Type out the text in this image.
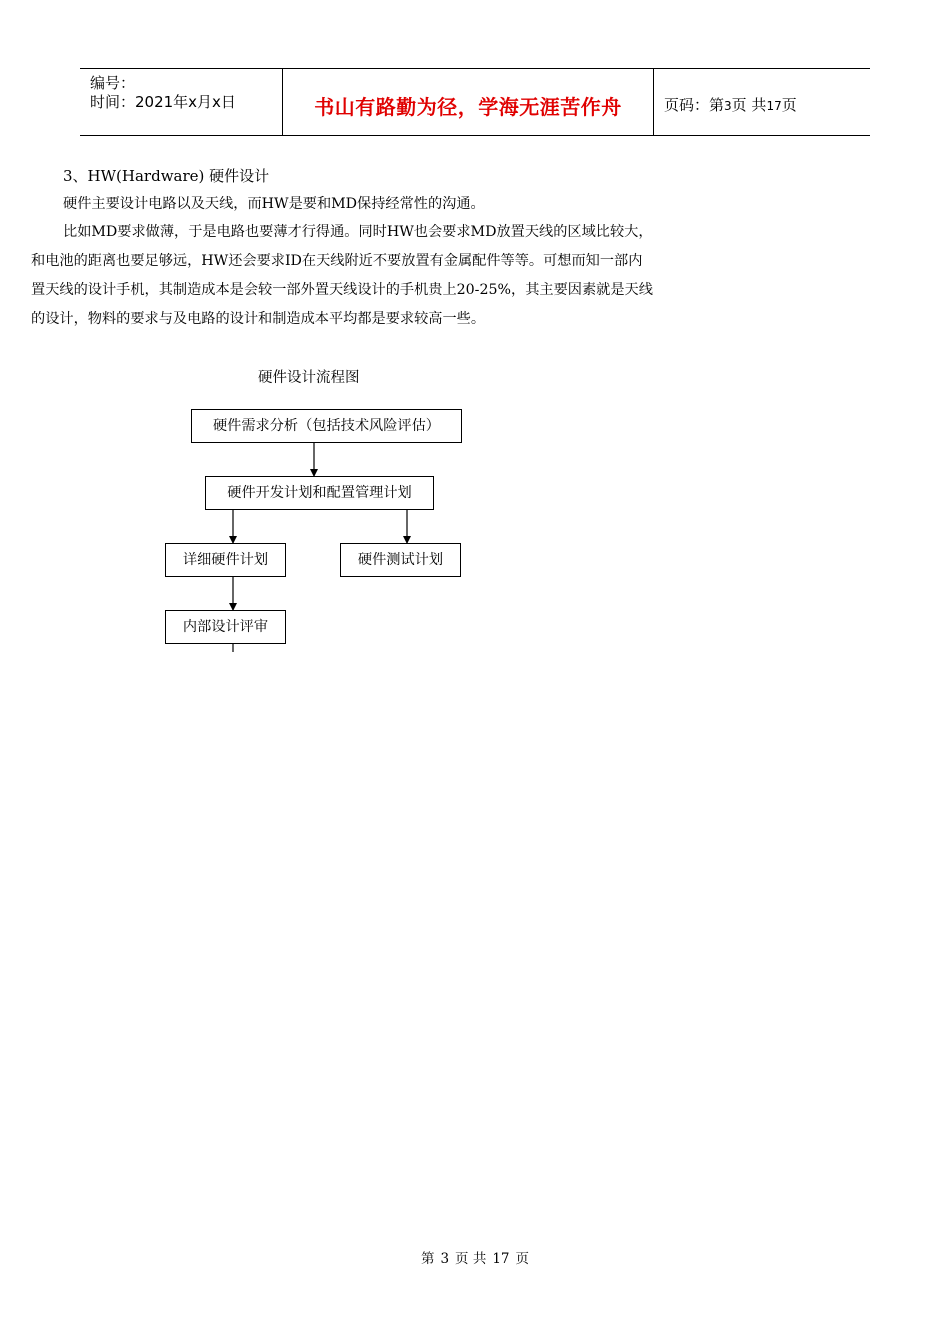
编号：
时间：2021年x月x日	书山有路勤为径，学海无涯苦作舟	页码：第3页 共17页
3、HW(Hardware) 硬件设计
硬件主要设计电路以及天线，而HW是要和MD保持经常性的沟通。
比如MD要求做薄，于是电路也要薄才行得通。同时HW也会要求MD放置天线的区域比较大，和电池的距离也要足够远，HW还会要求ID在天线附近不要放置有金属配件等等。可想而知一部内置天线的设计手机，其制造成本是会较一部外置天线设计的手机贵上20-25%，其主要因素就是天线的设计，物料的要求与及电路的设计和制造成本平均都是要求较高一些。
硬件设计流程图
硬件需求分析（包括技术风险评估）
硬件开发计划和配置管理计划
详细硬件计划	硬件测试计划
内部设计评审
第 3 页 共 17 页
